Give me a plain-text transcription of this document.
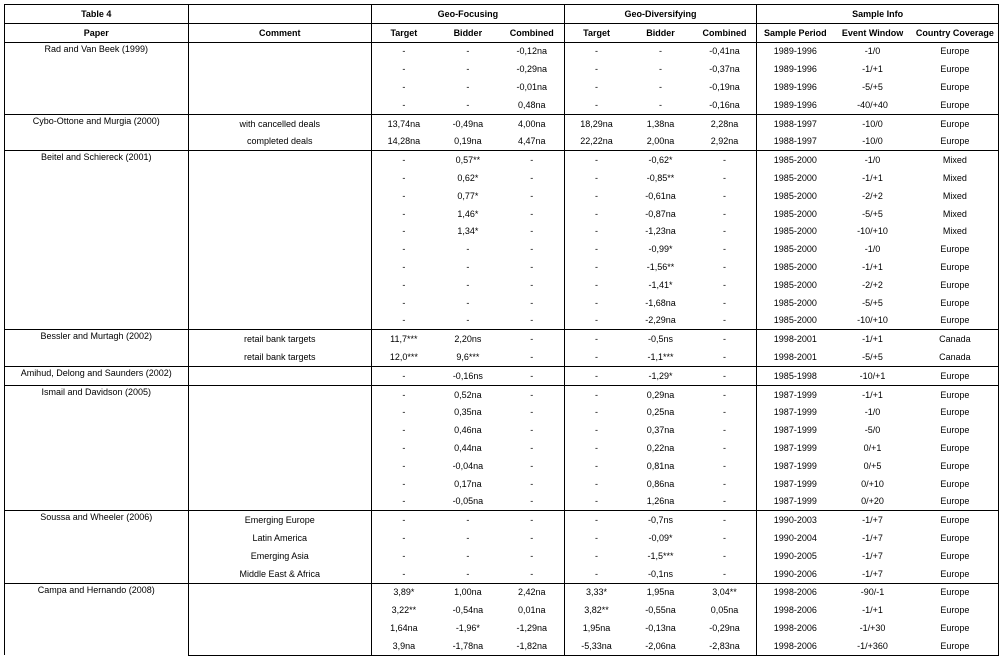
Table 4		Geo-Focusing			Geo-Diversifying			Sample Info		
Paper	Comment	Target	Bidder	Combined	Target	Bidder	Combined	Sample Period	Event Window	Country Coverage
Rad and Van Beek (1999)		-	-	-0,12na	-	-	-0,41na	1989-1996	-1/0	Europe
		-	-	-0,29na	-	-	-0,37na	1989-1996	-1/+1	Europe
		-	-	-0,01na	-	-	-0,19na	1989-1996	-5/+5	Europe
		-	-	0,48na	-	-	-0,16na	1989-1996	-40/+40	Europe
Cybo-Ottone and Murgia (2000)	with cancelled deals	13,74na	-0,49na	4,00na	18,29na	1,38na	2,28na	1988-1997	-10/0	Europe
	completed deals	14,28na	0,19na	4,47na	22,22na	2,00na	2,92na	1988-1997	-10/0	Europe
Beitel and Schiereck (2001)		-	0,57**	-	-	-0,62*	-	1985-2000	-1/0	Mixed
		-	0,62*	-	-	-0,85**	-	1985-2000	-1/+1	Mixed
		-	0,77*	-	-	-0,61na	-	1985-2000	-2/+2	Mixed
		-	1,46*	-	-	-0,87na	-	1985-2000	-5/+5	Mixed
		-	1,34*	-	-	-1,23na	-	1985-2000	-10/+10	Mixed
		-	-	-	-	-0,99*	-	1985-2000	-1/0	Europe
		-	-	-	-	-1,56**	-	1985-2000	-1/+1	Europe
		-	-	-	-	-1,41*	-	1985-2000	-2/+2	Europe
		-	-	-	-	-1,68na	-	1985-2000	-5/+5	Europe
		-	-	-	-	-2,29na	-	1985-2000	-10/+10	Europe
Bessler and Murtagh (2002)	retail bank targets	11,7***	2,20ns	-	-	-0,5ns	-	1998-2001	-1/+1	Canada
	retail bank targets	12,0***	9,6***	-	-	-1,1***	-	1998-2001	-5/+5	Canada
Amihud, Delong and Saunders (2002)		-	-0,16ns	-	-	-1,29*	-	1985-1998	-10/+1	Europe
Ismail and Davidson (2005)		-	0,52na	-	-	0,29na	-	1987-1999	-1/+1	Europe
		-	0,35na	-	-	0,25na	-	1987-1999	-1/0	Europe
		-	0,46na	-	-	0,37na	-	1987-1999	-5/0	Europe
		-	0,44na	-	-	0,22na	-	1987-1999	0/+1	Europe
		-	-0,04na	-	-	0,81na	-	1987-1999	0/+5	Europe
		-	0,17na	-	-	0,86na	-	1987-1999	0/+10	Europe
		-	-0,05na	-	-	1,26na	-	1987-1999	0/+20	Europe
Soussa and Wheeler (2006)	Emerging Europe	-	-	-	-	-0,7ns	-	1990-2003	-1/+7	Europe
	Latin America	-	-	-	-	-0,09*	-	1990-2004	-1/+7	Europe
	Emerging Asia	-	-	-	-	-1,5***	-	1990-2005	-1/+7	Europe
	Middle East & Africa	-	-	-	-	-0,1ns	-	1990-2006	-1/+7	Europe
Campa and Hernando (2008)		3,89*	1,00na	2,42na	3,33*	1,95na	3,04**	1998-2006	-90/-1	Europe
		3,22**	-0,54na	0,01na	3,82**	-0,55na	0,05na	1998-2006	-1/+1	Europe
		1,64na	-1,96*	-1,29na	1,95na	-0,13na	-0,29na	1998-2006	-1/+30	Europe
		3,9na	-1,78na	-1,82na	-5,33na	-2,06na	-2,83na	1998-2006	-1/+360	Europe
